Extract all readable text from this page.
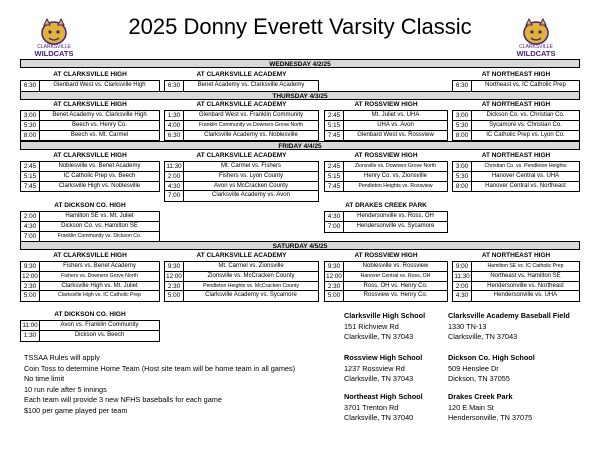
2025 Donny Everett Varsity Classic
CLARKSVILLE
WILDCATS
CLARKSVILLE
WILDCATS
WEDNESDAY 4/2/25
AT CLARKSVILLE HIGH
6:30	Glenbard West vs. Clarksville High
AT CLARKSVILLE ACADEMY
6:30	Benet Academy vs. Clarksville Academy
AT NORTHEAST HIGH
6:30	Northeast vs. IC Catholic Prep
THURSDAY 4/3/25
AT CLARKSVILLE HIGH
3:00	Benet Academy vs. Clarksville High
5:30	Beech vs. Henry Co.
8:00	Beech vs. Mt. Carmel
AT CLARKSVILLE ACADEMY
1:30	Glenbard West vs. Franklin Community
4:00	Franklin Community vs Downers Grove North
6:30	Clarksville Academy vs. Noblesville
AT ROSSVIEW HIGH
2:45	Mt. Juliet vs. UHA
5:15	UHA vs. Avon
7:45	Glenbard West vs. Rossview
AT NORTHEAST HIGH
3:00	Dickson Co. vs. Christian Co.
5:30	Sycamore vs. Christian Co.
8:00	IC Catholic Prep vs. Lyon Co.
FRIDAY 4/4/25
AT CLARKSVILLE HIGH
2:45	Noblesville vs. Benet Academy
5:15	IC Catholic Prep vs. Beech
7:45	Clarksville High vs. Noblesville
AT CLARKSVILLE ACADEMY
11:30	Mt. Carmel vs. Fishers
2:00	Fishers vs. Lyon County
4:30	Avon vs McCracken County
7:00	Clarksville Academy vs. Avon
AT ROSSVIEW HIGH
2:45	Zionsville vs. Downers Grove North
5:15	Henry Co. vs. Zionsville
7:45	Pendleton Heights vs. Rossview
AT NORTHEAST HIGH
3:00	Christian Co. vs. Pendleton Heights
5:30	Hanover Central vs. UHA
8:00	Hanover Central vs. Northeast
AT DICKSON CO. HIGH
2:00	Hamilton SE vs. Mt. Juliet
4:30	Dickson Co. vs. Hamilton SE
7:00	Franklin Community vs. Dickson Co.
AT DRAKES CREEK PARK
4:30	Hendersonville vs. Ross, OH
7:00	Hendersonville vs. Sycamore
SATURDAY 4/5/25
AT CLARKSVILLE HIGH
9:30	Fishers vs. Benet Academy
12:00	Fishers vs. Downers Grove North
2:30	Clarksville High vs. Mt. Juliet
5:00	Clarksville High vs. IC Catholic Prep
AT CLARKSVILLE ACADEMY
9:30	Mt. Carmel vs. Zionsville
12:00	Zionsville vs. McCracken County
2:30	Pendleton Heights vs. McCracken County
5:00	Clarksville Academy vs. Sycamore
AT ROSSVIEW HIGH
9:30	Noblesville vs. Rossview
12:00	Hanover Central vs. Ross, OH
2:30	Ross, OH vs. Henry Co.
5:00	Rossview vs. Henry Co.
AT NORTHEAST HIGH
9:00	Hamilton SE vs. IC Catholic Prep
11:30	Northeast vs. Hamilton SE
2:00	Hendersonville vs. Northeast
4:30	Hendersonville vs. UHA
AT DICKSON CO. HIGH
11:00	Avon vs. Franklin Community
1:30	Dickson vs. Beech
Clarksville High School
151 Richview Rd
Clarksville, TN 37043
Clarksville Academy Baseball Field
1330 TN-13
Clarksville, TN 37043
Rossview High School
1237 Rossview Rd
Clarksville, TN 37043
Dickson Co. High School
509 Henslee Dr
Dickson, TN 37055
Northeast High School
3701 Trenton Rd
Clarksville, TN 37040
Drakes Creek Park
120 E Main St
Hendersonville, TN 37075
TSSAA Rules will apply
Coin Toss to determine Home Team (Host site team will be home team in all games)
No time limit
10 run rule after 5 innings
Each team will provide 3 new NFHS baseballs for each game
$100 per game played per team
